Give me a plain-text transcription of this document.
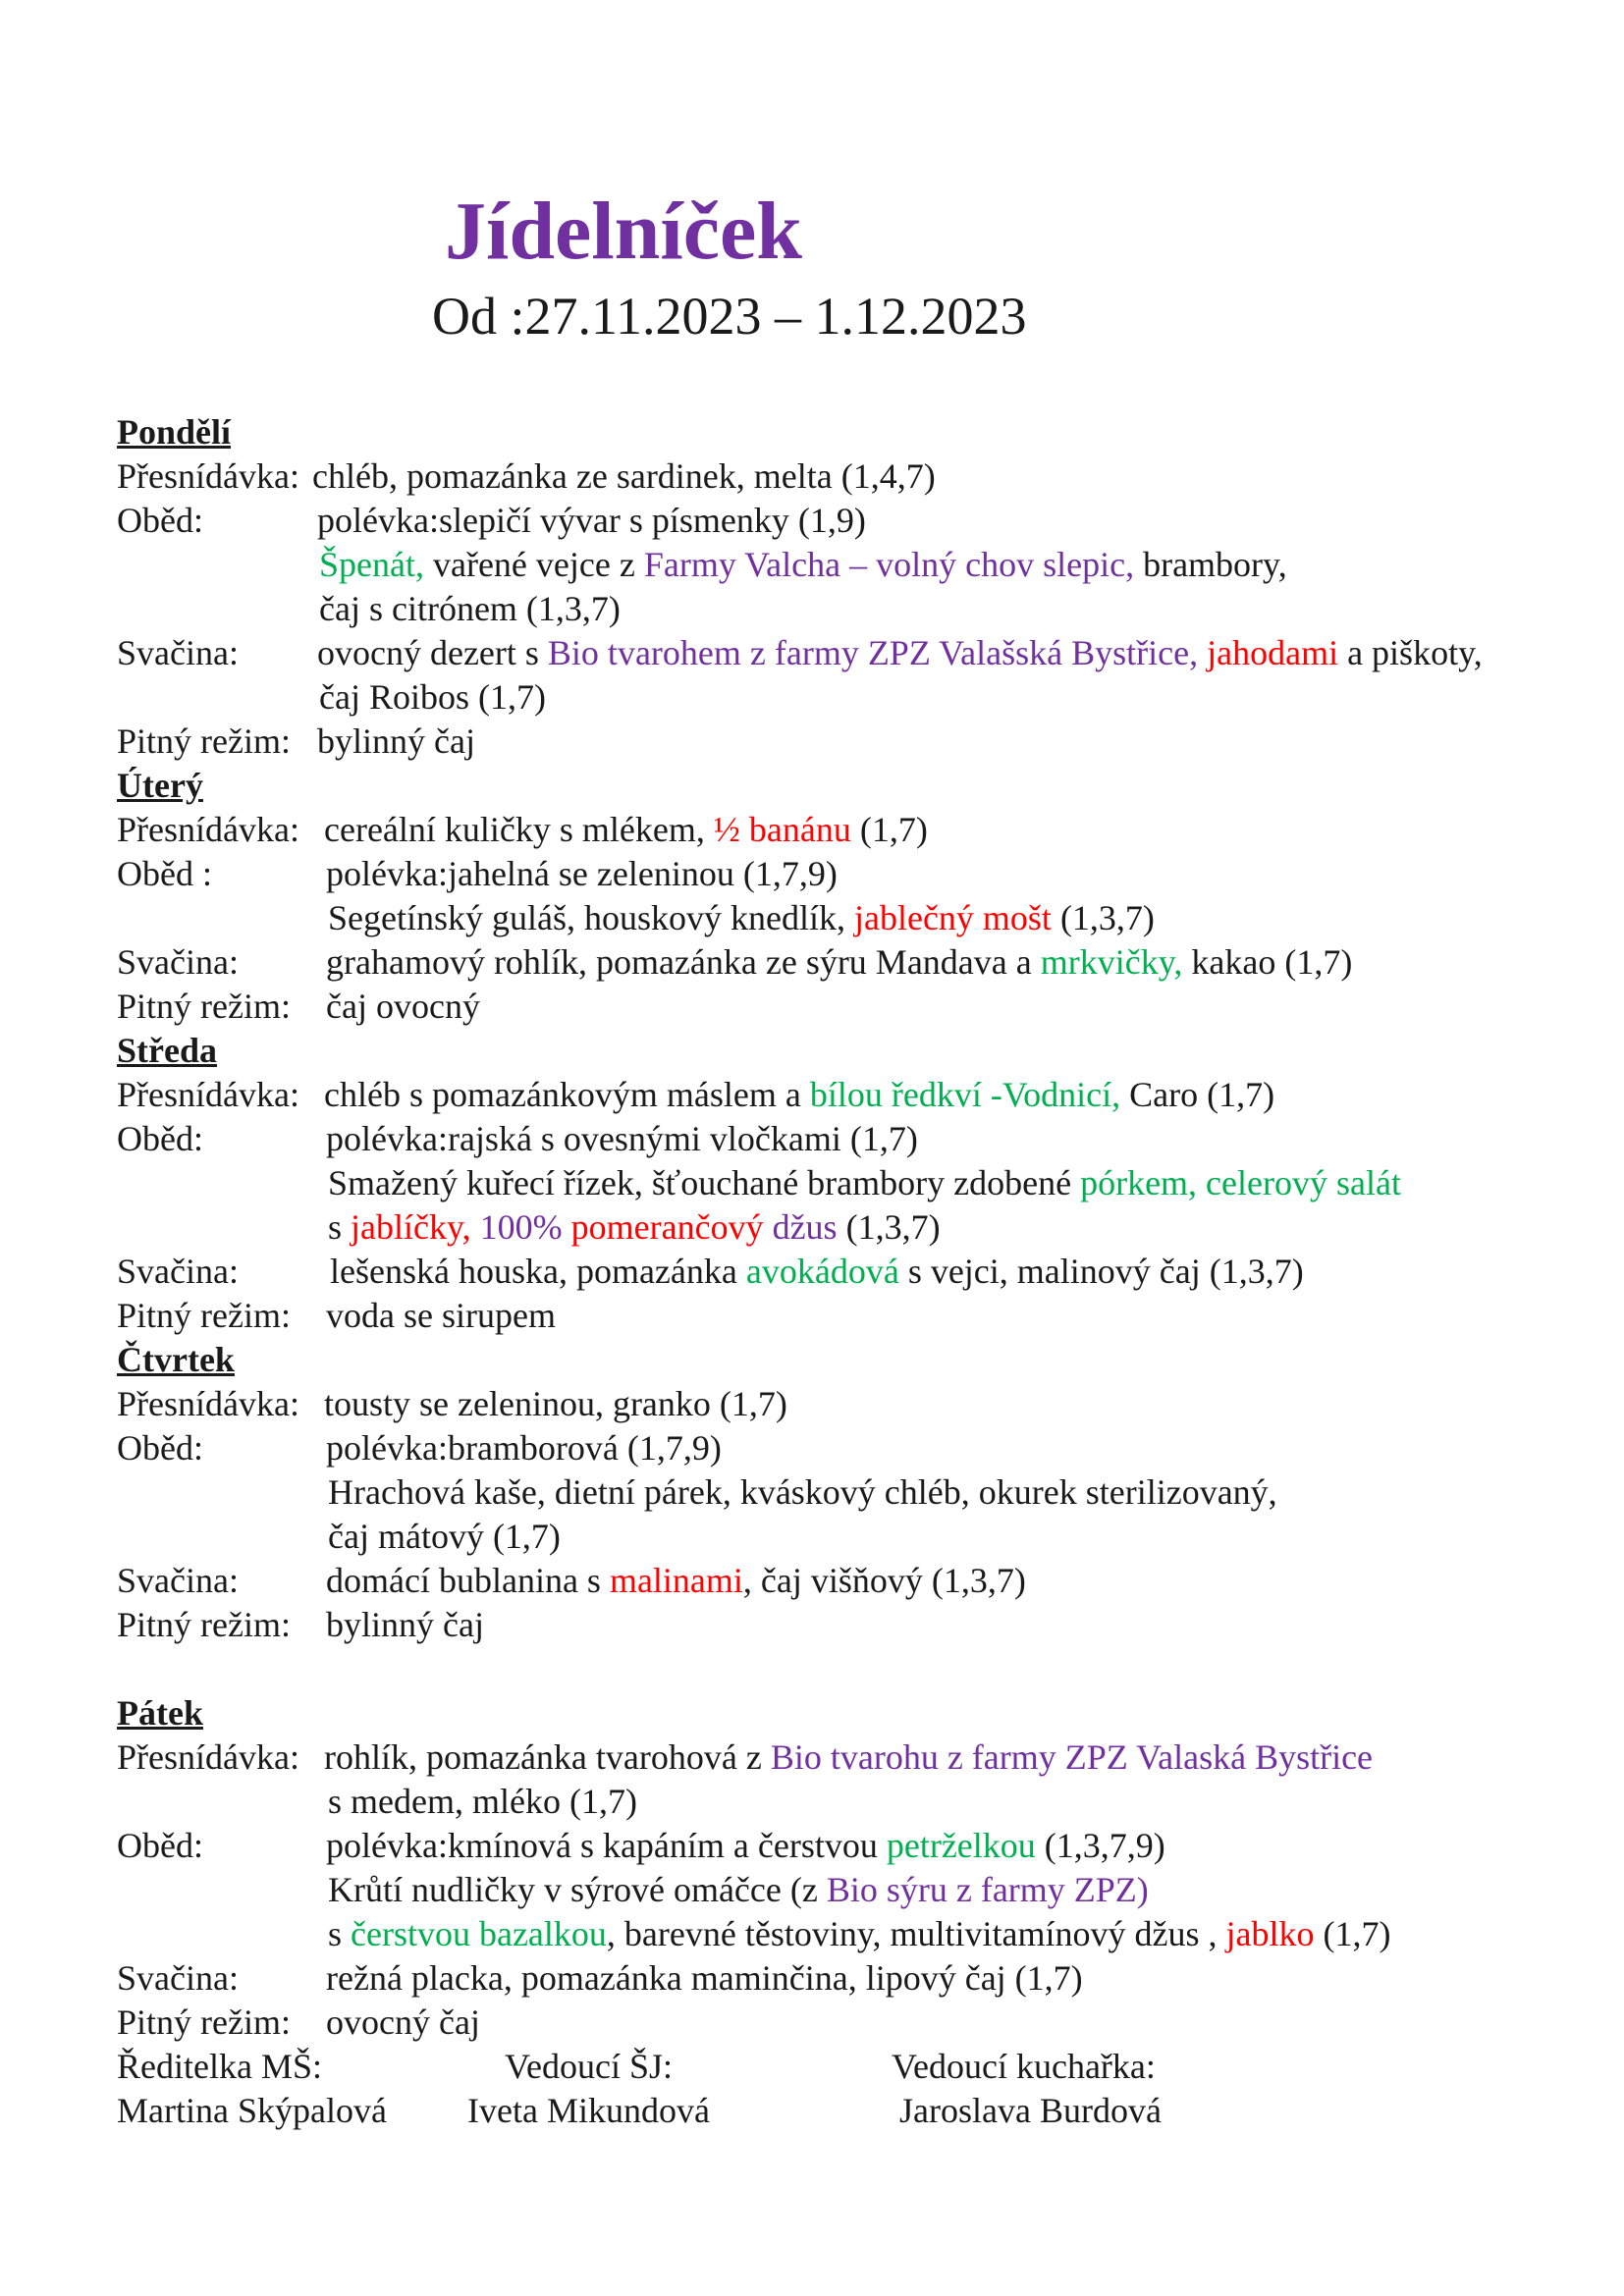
Jídelníček
Od :27.11.2023 – 1.12.2023
Pondělí
Přesnídávka: chléb, pomazánka ze sardinek, melta (1,4,7)
Oběd:	polévka:slepičí vývar s písmenky (1,9)
Špenát, vařené vejce z Farmy Valcha – volný chov slepic, brambory,
čaj s citrónem (1,3,7)
Svačina: ovocný dezert s Bio tvarohem z farmy ZPZ Valašská Bystřice, jahodami a piškoty,
čaj Roibos (1,7)
Pitný režim: bylinný čaj
Úterý
Přesnídávka: cereální kuličky s mlékem, ½ banánu (1,7)
Oběd :	polévka:jahelná se zeleninou (1,7,9)
Segetínský guláš, houskový knedlík, jablečný mošt (1,3,7)
Svačina: grahamový rohlík, pomazánka ze sýru Mandava a mrkvičky, kakao (1,7)
Pitný režim: čaj ovocný
Středa
Přesnídávka: chléb s pomazánkovým máslem a bílou ředkví -Vodnicí, Caro (1,7)
Oběd:	polévka:rajská s ovesnými vločkami (1,7)
Smažený kuřecí řízek, šťouchané brambory zdobené pórkem, celerový salát
s jablíčky, 100% pomerančový džus (1,3,7)
Svačina:	lešenská houska, pomazánka avokádová s vejci, malinový čaj (1,3,7)
Pitný režim: voda se sirupem
Čtvrtek
Přesnídávka: tousty se zeleninou, granko (1,7)
Oběd:	polévka:bramborová (1,7,9)
Hrachová kaše, dietní párek, kváskový chléb, okurek sterilizovaný,
čaj mátový (1,7)
Svačina: domácí bublanina s malinami, čaj višňový (1,3,7)
Pitný režim: bylinný čaj
Pátek
Přesnídávka: rohlík, pomazánka tvarohová z Bio tvarohu z farmy ZPZ Valaská Bystřice
s medem, mléko (1,7)
Oběd:	polévka:kmínová s kapáním a čerstvou petrželkou (1,3,7,9)
Krůtí nudličky v sýrové omáčce (z Bio sýru z farmy ZPZ)
s čerstvou bazalkou, barevné těstoviny, multivitamínový džus , jablko (1,7)
Svačina: režná placka, pomazánka maminčina, lipový čaj (1,7)
Pitný režim: ovocný čaj
Ředitelka MŠ:	Vedoucí ŠJ:	Vedoucí kuchařka:
Martina Skýpalová Iveta Mikundová	Jaroslava Burdová
